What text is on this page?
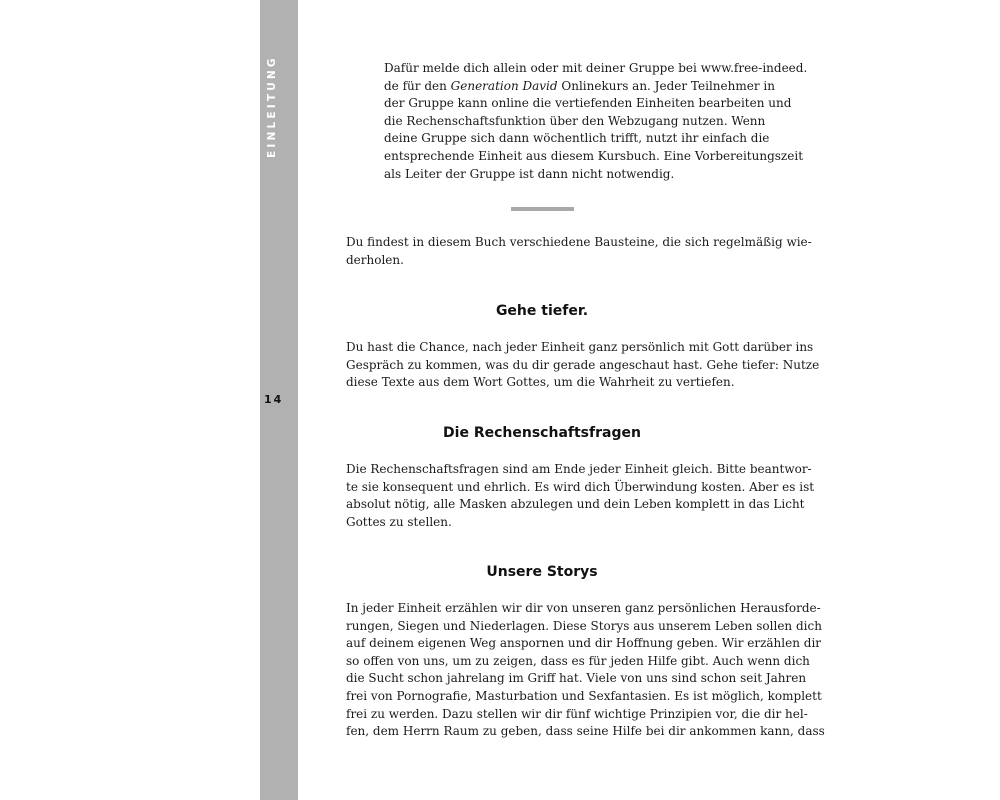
EINLEITUNG
14
Dafür melde dich allein oder mit deiner Gruppe bei www.free-indeed.
de für den Generation David Onlinekurs an. Jeder Teilnehmer in
der Gruppe kann online die vertiefenden Einheiten bearbeiten und
die Rechenschaftsfunktion über den Webzugang nutzen. Wenn
deine Gruppe sich dann wöchentlich trifft, nutzt ihr einfach die
entsprechende Einheit aus diesem Kursbuch. Eine Vorbereitungszeit
als Leiter der Gruppe ist dann nicht notwendig.
Du findest in diesem Buch verschiedene Bausteine, die sich regelmäßig wie-
derholen.
Gehe tiefer.
Du hast die Chance, nach jeder Einheit ganz persönlich mit Gott darüber ins
Gespräch zu kommen, was du dir gerade angeschaut hast. Gehe tiefer: Nutze
diese Texte aus dem Wort Gottes, um die Wahrheit zu vertiefen.
Die Rechenschaftsfragen
Die Rechenschaftsfragen sind am Ende jeder Einheit gleich. Bitte beantwor-
te sie konsequent und ehrlich. Es wird dich Überwindung kosten. Aber es ist
absolut nötig, alle Masken abzulegen und dein Leben komplett in das Licht
Gottes zu stellen.
Unsere Storys
In jeder Einheit erzählen wir dir von unseren ganz persönlichen Herausforde-
rungen, Siegen und Niederlagen. Diese Storys aus unserem Leben sollen dich
auf deinem eigenen Weg anspornen und dir Hoffnung geben. Wir erzählen dir
so offen von uns, um zu zeigen, dass es für jeden Hilfe gibt. Auch wenn dich
die Sucht schon jahrelang im Griff hat. Viele von uns sind schon seit Jahren
frei von Pornografie, Masturbation und Sexfantasien. Es ist möglich, komplett
frei zu werden. Dazu stellen wir dir fünf wichtige Prinzipien vor, die dir hel-
fen, dem Herrn Raum zu geben, dass seine Hilfe bei dir ankommen kann, dass
